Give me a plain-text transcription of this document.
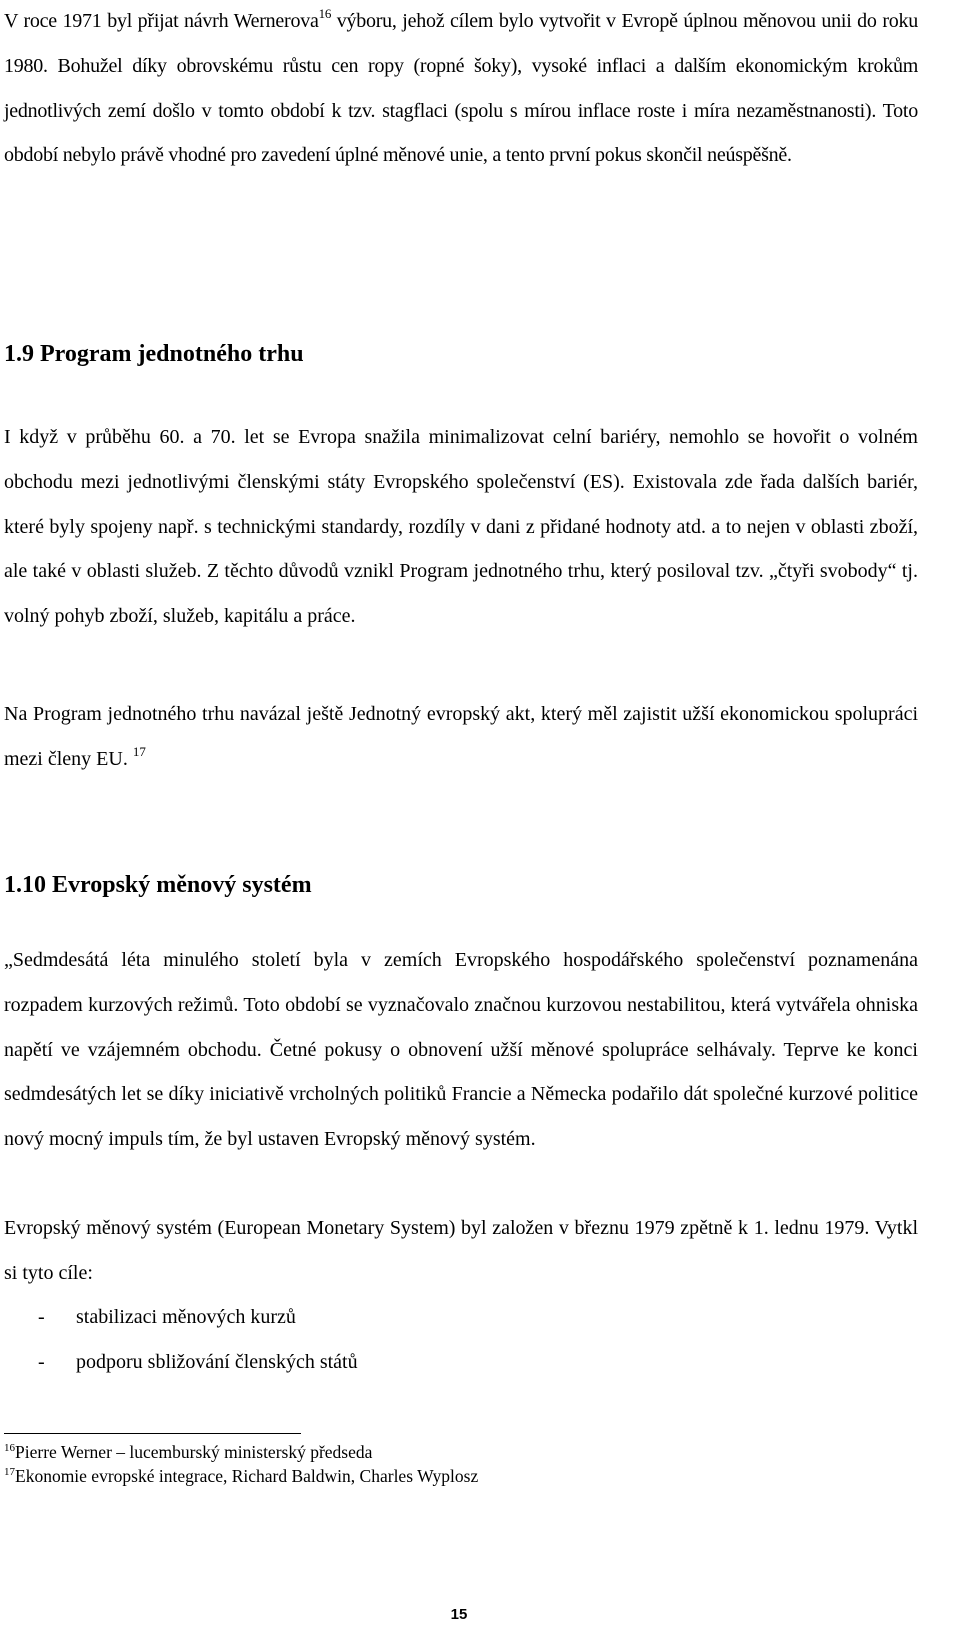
V roce 1971 byl přijat návrh Wernerova$^{16}$ výboru, jehož cílem bylo vytvořit v Evropě úplnou měnovou unii do roku 1980. Bohužel díky obrovskému růstu cen ropy (ropné šoky), vysoké inflaci a dalším ekonomickým krokům jednotlivých zemí došlo v tomto období k tzv. stagflaci (spolu s mírou inflace roste i míra nezaměstnanosti). Toto období nebylo právě vhodné pro zavedení úplné měnové unie, a tento první pokus skončil neúspěšně.

1.9 Program jednotného trhu

I když v průběhu 60. a 70. let se Evropa snažila minimalizovat celní bariéry, nemohlo se hovořit o volném obchodu mezi jednotlivými členskými státy Evropského společenství (ES). Existovala zde řada dalších bariér, které byly spojeny např. s technickými standardy, rozdíly v dani z přidané hodnoty atd. a to nejen v oblasti zboží, ale také v oblasti služeb. Z těchto důvodů vznikl Program jednotného trhu, který posiloval tzv. „čtyři svobody“ tj. volný pohyb zboží, služeb, kapitálu a práce.

Na Program jednotného trhu navázal ještě Jednotný evropský akt, který měl zajistit užší ekonomickou spolupráci mezi členy EU. $^{17}$

1.10 Evropský měnový systém

„Sedmdesátá léta minulého století byla v zemích Evropského hospodářského společenství poznamenána rozpadem kurzových režimů. Toto období se vyznačovalo značnou kurzovou nestabilitou, která vytvářela ohniska napětí ve vzájemném obchodu. Četné pokusy o obnovení užší měnové spolupráce selhávaly. Teprve ke konci sedmdesátých let se díky iniciativě vrcholných politiků Francie a Německa podařilo dát společné kurzové politice nový mocný impuls tím, že byl ustaven Evropský měnový systém.

Evropský měnový systém (European Monetary System) byl založen v březnu 1979 zpětně k 1. lednu 1979. Vytkl si tyto cíle:

- stabilizaci měnových kurzů
- podporu sbližování členských států
$^{16}$Pierre Werner – lucemburský ministerský předseda
$^{17}$Ekonomie evropské integrace, Richard Baldwin, Charles Wyplosz
15
